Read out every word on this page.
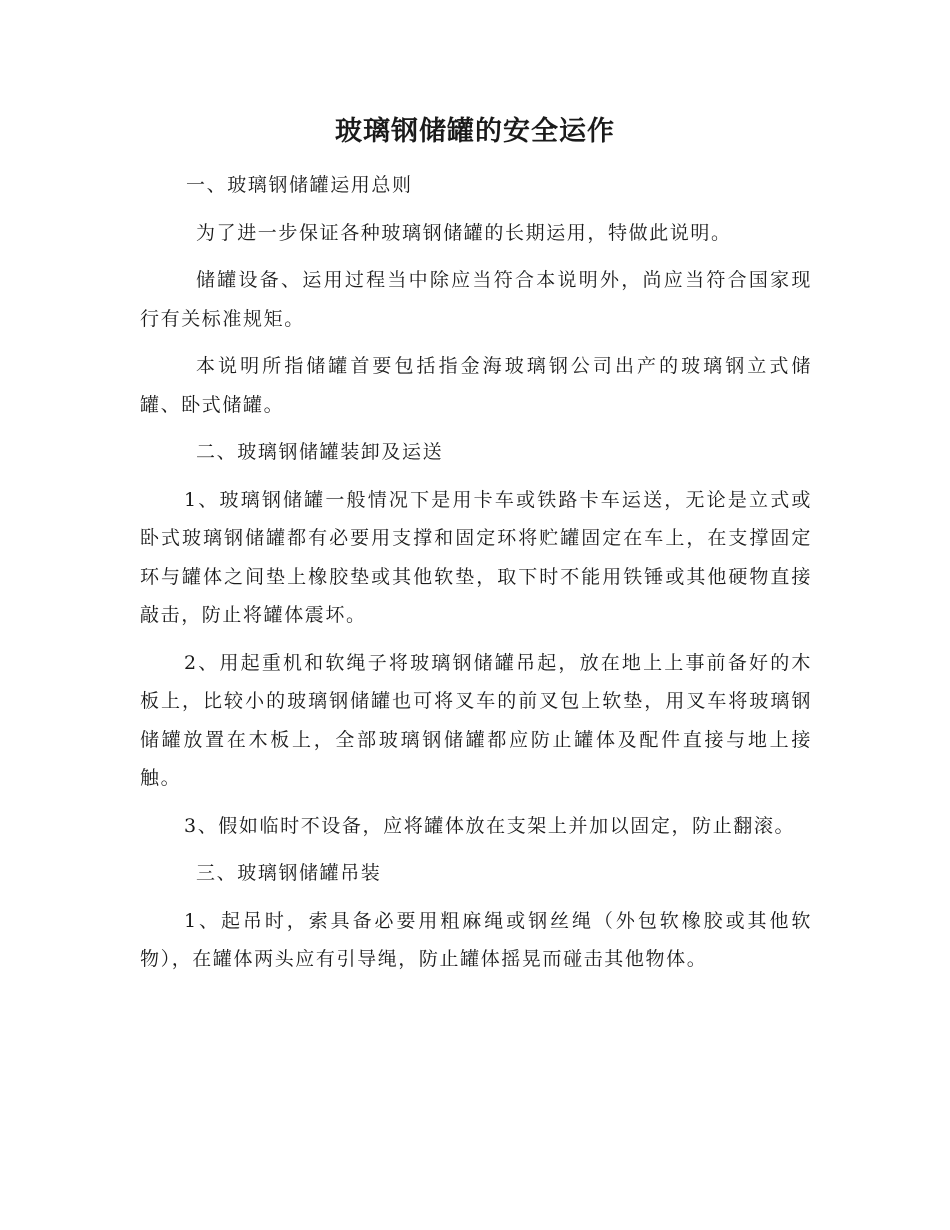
玻璃钢储罐的安全运作

一、玻璃钢储罐运用总则

为了进一步保证各种玻璃钢储罐的长期运用，特做此说明。

储罐设备、运用过程当中除应当符合本说明外，尚应当符合国家现行有关标准规矩。

本说明所指储罐首要包括指金海玻璃钢公司出产的玻璃钢立式储罐、卧式储罐。

二、玻璃钢储罐装卸及运送

1、玻璃钢储罐一般情况下是用卡车或铁路卡车运送，无论是立式或卧式玻璃钢储罐都有必要用支撑和固定环将贮罐固定在车上，在支撑固定环与罐体之间垫上橡胶垫或其他软垫，取下时不能用铁锤或其他硬物直接敲击，防止将罐体震坏。

2、用起重机和软绳子将玻璃钢储罐吊起，放在地上上事前备好的木板上，比较小的玻璃钢储罐也可将叉车的前叉包上软垫，用叉车将玻璃钢储罐放置在木板上，全部玻璃钢储罐都应防止罐体及配件直接与地上接触。

3、假如临时不设备，应将罐体放在支架上并加以固定，防止翻滚。

三、玻璃钢储罐吊装

1、起吊时，索具备必要用粗麻绳或钢丝绳（外包软橡胶或其他软物），在罐体两头应有引导绳，防止罐体摇晃而碰击其他物体。
